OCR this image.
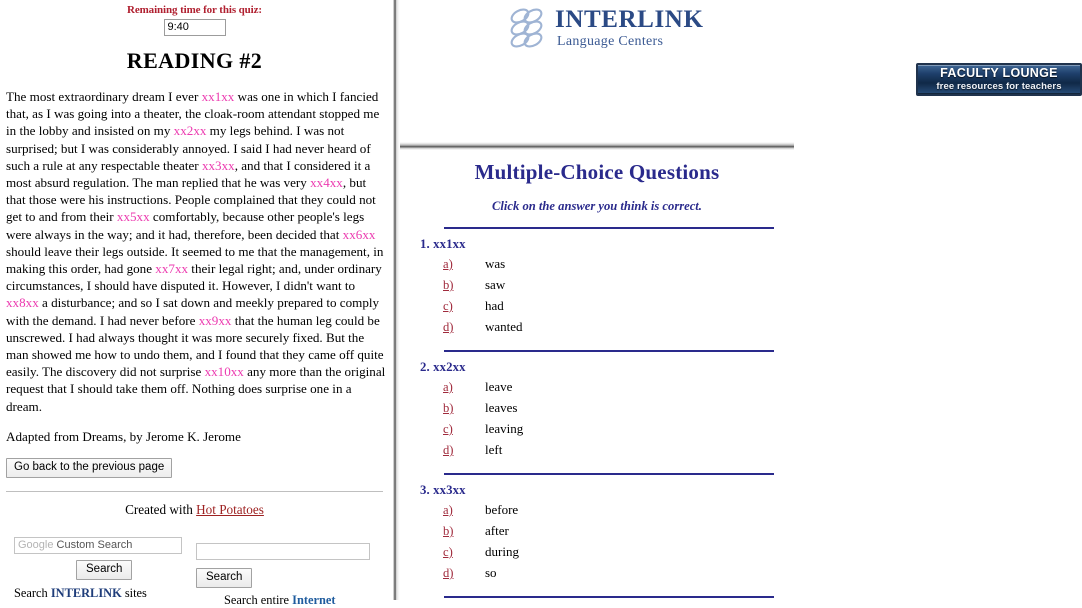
Remaining time for this quiz:
9:40
READING #2

The most extraordinary dream I ever xx1xx was one in which I fancied that, as I was going into a theater, the cloak-room attendant stopped me in the lobby and insisted on my xx2xx my legs behind. I was not surprised; but I was considerably annoyed. I said I had never heard of such a rule at any respectable theater xx3xx, and that I considered it a most absurd regulation. The man replied that he was very xx4xx, but that those were his instructions. People complained that they could not get to and from their xx5xx comfortably, because other people's legs were always in the way; and it had, therefore, been decided that xx6xx should leave their legs outside. It seemed to me that the management, in making this order, had gone xx7xx their legal right; and, under ordinary circumstances, I should have disputed it. However, I didn't want to xx8xx a disturbance; and so I sat down and meekly prepared to comply with the demand. I had never before xx9xx that the human leg could be unscrewed. I had always thought it was more securely fixed. But the man showed me how to undo them, and I found that they came off quite easily. The discovery did not surprise xx10xx any more than the original request that I should take them off. Nothing does surprise one in a dream.

Adapted from Dreams, by Jerome K. Jerome
Go back to the previous page
Created with Hot Potatoes
Google Custom Search
Search
Search INTERLINK sites
Search
Search entire Internet
INTERLINK
Language Centers
FACULTY LOUNGE
free resources for teachers
Multiple-Choice Questions
Click on the answer you think is correct.
1. xx1xx
a)	was
b)	saw
c)	had
d)	wanted
2. xx2xx
a)	leave
b)	leaves
c)	leaving
d)	left
3. xx3xx
a)	before
b)	after
c)	during
d)	so
